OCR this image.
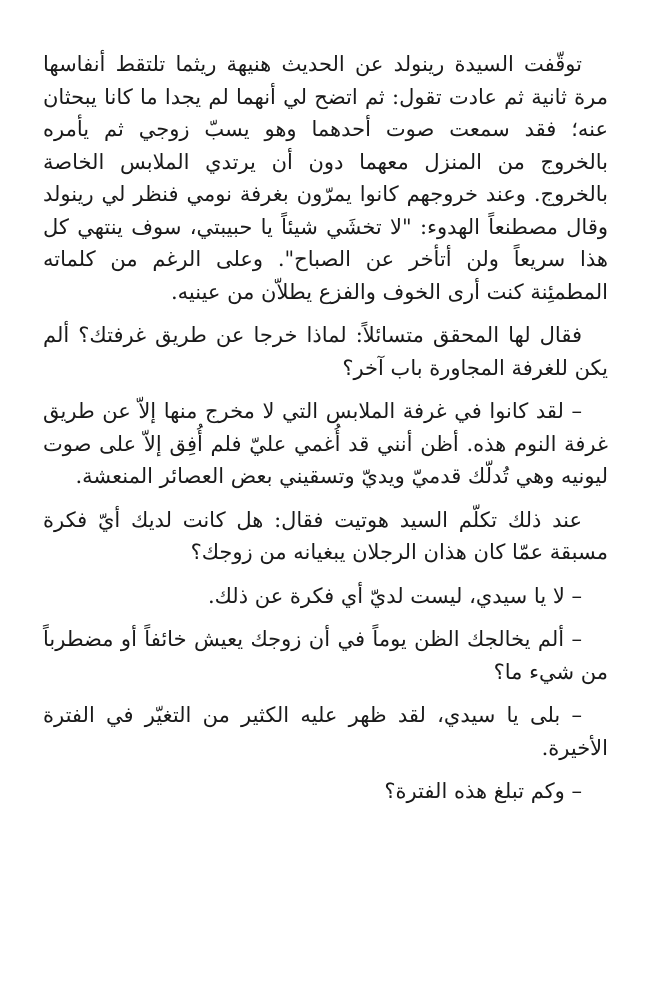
توقّفت السيدة رينولد عن الحديث هنيهة ريثما تلتقط أنفاسها مرة ثانية ثم عادت تقول: ثم اتضح لي أنهما لم يجدا ما كانا يبحثان عنه؛ فقد سمعت صوت أحدهما وهو يسبّ زوجي ثم يأمره بالخروج من المنزل معهما دون أن يرتدي الملابس الخاصة بالخروج. وعند خروجهم كانوا يمرّون بغرفة نومي فنظر لي رينولد وقال مصطنعاً الهدوء: "لا تخشَي شيئاً يا حبيبتي، سوف ينتهي كل هذا سريعاً ولن أتأخر عن الصباح". وعلى الرغم من كلماته المطمئِنة كنت أرى الخوف والفزع يطلاّن من عينيه.

فقال لها المحقق متسائلاً: لماذا خرجا عن طريق غرفتك؟ ألم يكن للغرفة المجاورة باب آخر؟

– لقد كانوا في غرفة الملابس التي لا مخرج منها إلاّ عن طريق غرفة النوم هذه. أظن أنني قد أُغمي عليّ فلم أُفِق إلاّ على صوت ليونيه وهي تُدلّك قدميّ ويديّ وتسقيني بعض العصائر المنعشة.

عند ذلك تكلّم السيد هوتيت فقال: هل كانت لديك أيّ فكرة مسبقة عمّا كان هذان الرجلان يبغيانه من زوجك؟

– لا يا سيدي، ليست لديّ أي فكرة عن ذلك.

– ألم يخالجك الظن يوماً في أن زوجك يعيش خائفاً أو مضطرباً من شيء ما؟

– بلى يا سيدي، لقد ظهر عليه الكثير من التغيّر في الفترة الأخيرة.

– وكم تبلغ هذه الفترة؟
